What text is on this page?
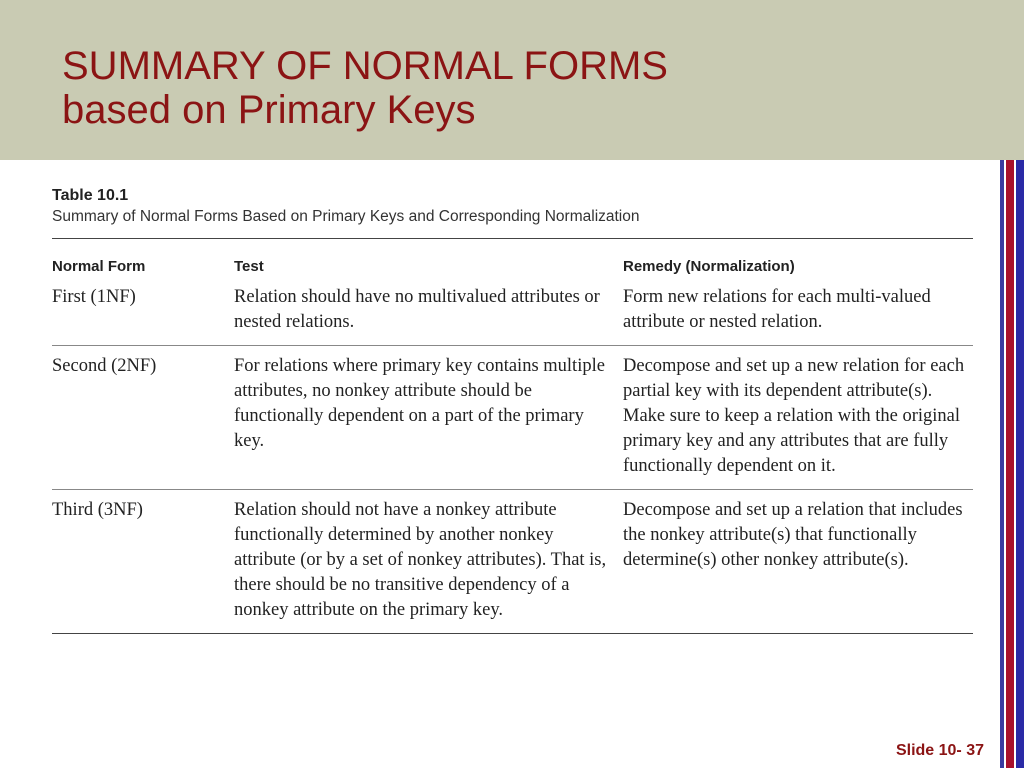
SUMMARY OF NORMAL FORMS
based on Primary Keys
Table 10.1
Summary of Normal Forms Based on Primary Keys and Corresponding Normalization
Normal Form	Test	Remedy (Normalization)
First (1NF)	Relation should have no multivalued attributes or nested relations.	Form new relations for each multi-valued attribute or nested relation.
Second (2NF)	For relations where primary key contains multiple attributes, no nonkey attribute should be functionally dependent on a part of the primary key.	Decompose and set up a new relation for each partial key with its dependent attribute(s). Make sure to keep a relation with the original primary key and any attributes that are fully functionally dependent on it.
Third (3NF)	Relation should not have a nonkey attribute functionally determined by another nonkey attribute (or by a set of nonkey attributes). That is, there should be no transitive dependency of a nonkey attribute on the primary key.	Decompose and set up a relation that includes the nonkey attribute(s) that functionally determine(s) other nonkey attribute(s).
Slide 10- 37
